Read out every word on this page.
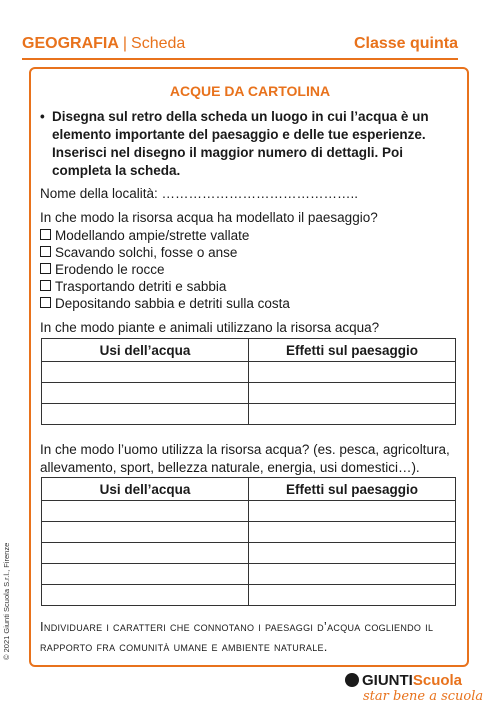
GEOGRAFIA | Scheda	Classe quinta
ACQUE DA CARTOLINA
• Disegna sul retro della scheda un luogo in cui l’acqua è un elemento importante del paesaggio e delle tue esperienze. Inserisci nel disegno il maggior numero di dettagli. Poi completa la scheda.
Nome della località: ……………………………………..
In che modo la risorsa acqua ha modellato il paesaggio?
Modellando ampie/strette vallate
Scavando solchi, fosse o anse
Erodendo le rocce
Trasportando detriti e sabbia
Depositando sabbia e detriti sulla costa
In che modo piante e animali utilizzano la risorsa acqua?
Usi dell’acqua	Effetti sul paesaggio

In che modo l’uomo utilizza la risorsa acqua? (es. pesca, agricoltura, allevamento, sport, bellezza naturale, energia, usi domestici…).
Usi dell’acqua	Effetti sul paesaggio

Individuare i caratteri che connotano i paesaggi d’acqua cogliendo il rapporto fra comunità umane e ambiente naturale.
GIUNTIScuola
star bene a scuola
© 2021 Giunti Scuola S.r.l., Firenze
